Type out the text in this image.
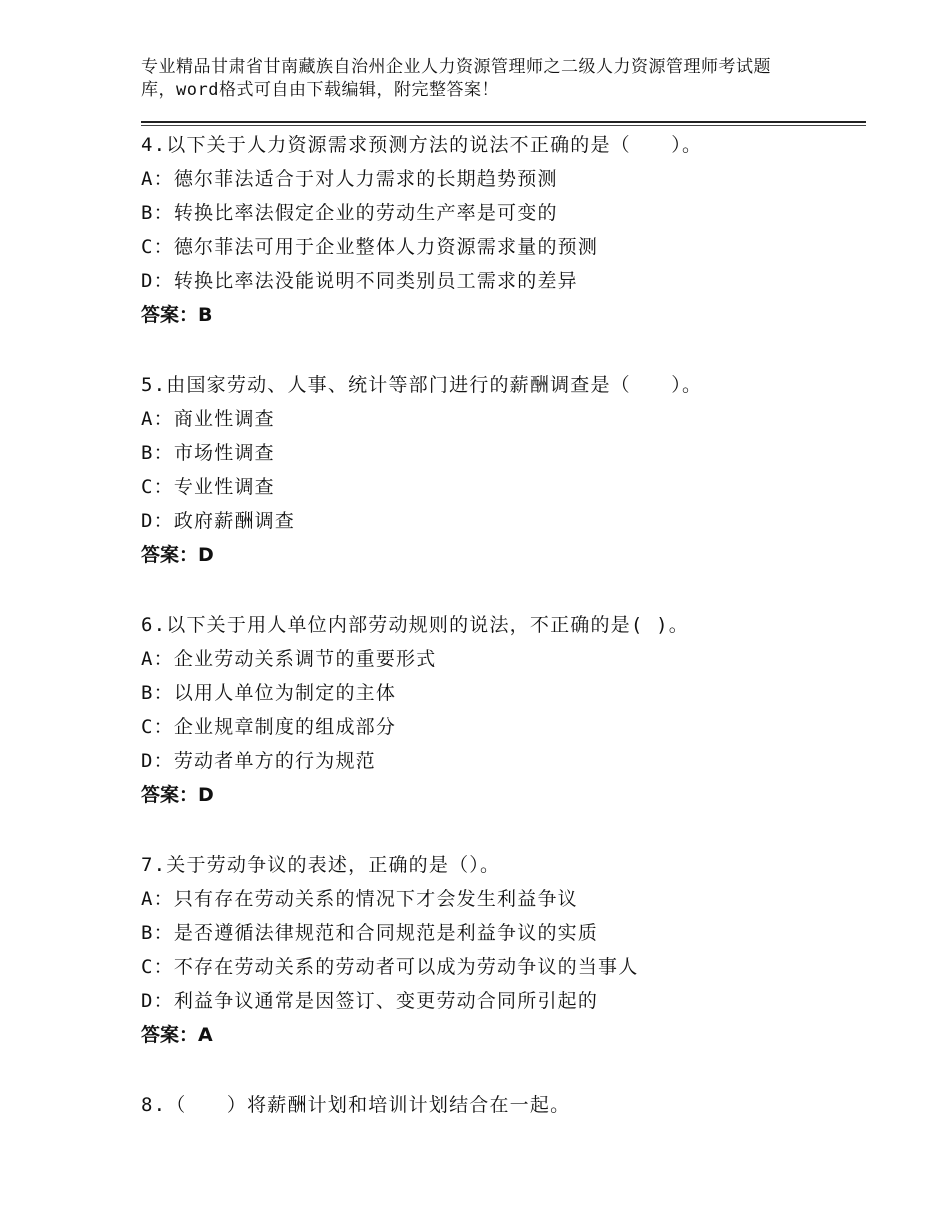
专业精品甘肃省甘南藏族自治州企业人力资源管理师之二级人力资源管理师考试题
库，word格式可自由下载编辑，附完整答案！
4.以下关于人力资源需求预测方法的说法不正确的是（　　）。
A：德尔菲法适合于对人力需求的长期趋势预测
B：转换比率法假定企业的劳动生产率是可变的
C：德尔菲法可用于企业整体人力资源需求量的预测
D：转换比率法没能说明不同类别员工需求的差异
答案：B
5.由国家劳动、人事、统计等部门进行的薪酬调查是（　　）。
A：商业性调查
B：市场性调查
C：专业性调查
D：政府薪酬调查
答案：D
6.以下关于用人单位内部劳动规则的说法，不正确的是( )。
A：企业劳动关系调节的重要形式
B：以用人单位为制定的主体
C：企业规章制度的组成部分
D：劳动者单方的行为规范
答案：D
7.关于劳动争议的表述，正确的是（）。
A：只有存在劳动关系的情况下才会发生利益争议
B：是否遵循法律规范和合同规范是利益争议的实质
C：不存在劳动关系的劳动者可以成为劳动争议的当事人
D：利益争议通常是因签订、变更劳动合同所引起的
答案：A
8.（　　）将薪酬计划和培训计划结合在一起。
